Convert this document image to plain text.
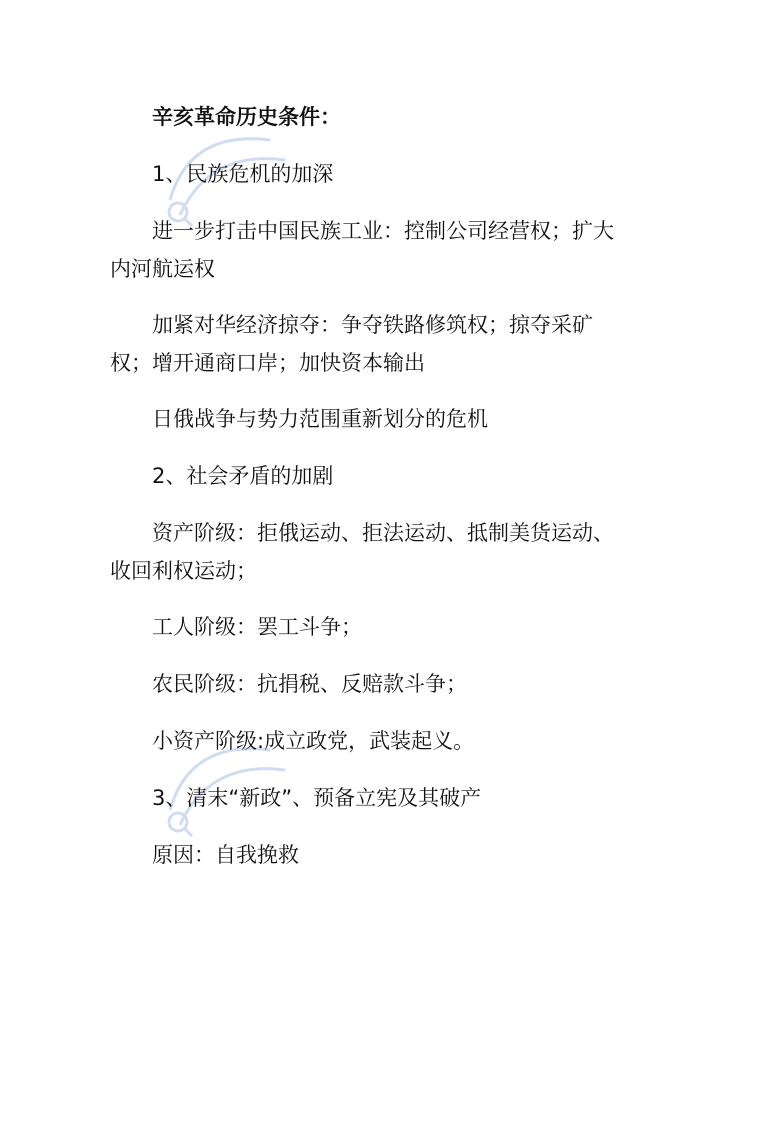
辛亥革命历史条件：

1、民族危机的加深

进一步打击中国民族工业：控制公司经营权；扩大内河航运权

加紧对华经济掠夺：争夺铁路修筑权；掠夺采矿权；增开通商口岸；加快资本输出

日俄战争与势力范围重新划分的危机

2、社会矛盾的加剧

资产阶级：拒俄运动、拒法运动、抵制美货运动、收回利权运动；

工人阶级：罢工斗争；

农民阶级：抗捐税、反赔款斗争；

小资产阶级:成立政党，武装起义。

3、清末“新政”、预备立宪及其破产

原因：自我挽救
